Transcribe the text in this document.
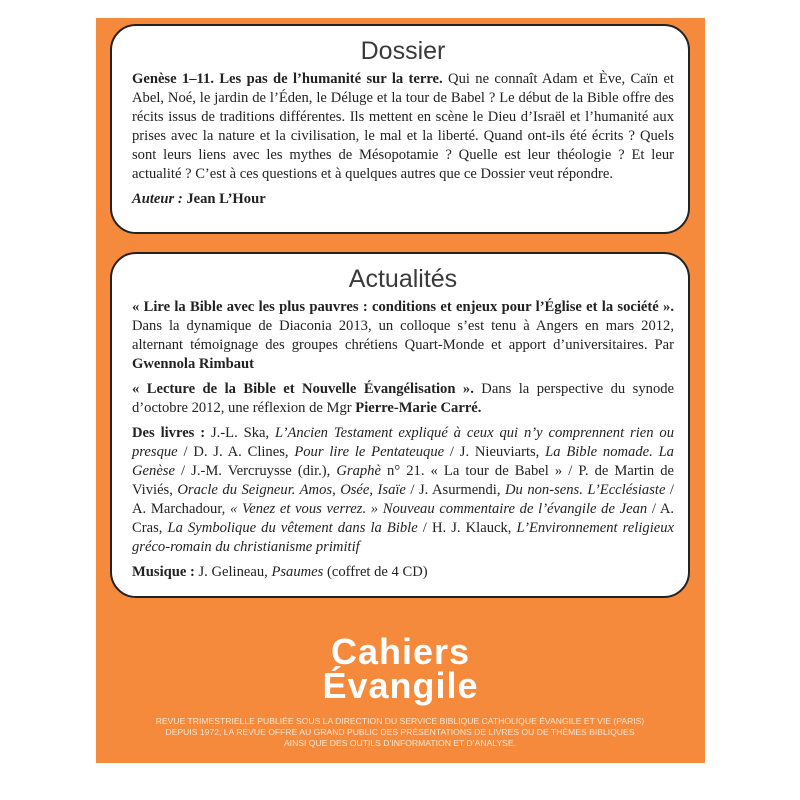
Dossier

Genèse 1–11. Les pas de l’humanité sur la terre. Qui ne connaît Adam et Ève, Caïn et Abel, Noé, le jardin de l’Éden, le Déluge et la tour de Babel ? Le début de la Bible offre des récits issus de traditions différentes. Ils mettent en scène le Dieu d’Israël et l’humanité aux prises avec la nature et la civilisation, le mal et la liberté. Quand ont-ils été écrits ? Quels sont leurs liens avec les mythes de Mésopotamie ? Quelle est leur théologie ? Et leur actualité ? C’est à ces questions et à quelques autres que ce Dossier veut répondre.

Auteur : Jean L’Hour

Actualités

« Lire la Bible avec les plus pauvres : conditions et enjeux pour l’Église et la société ». Dans la dynamique de Diaconia 2013, un colloque s’est tenu à Angers en mars 2012, alternant témoignage des groupes chrétiens Quart-Monde et apport d’universitaires. Par Gwennola Rimbaut

« Lecture de la Bible et Nouvelle Évangélisation ». Dans la perspective du synode d’octobre 2012, une réflexion de Mgr Pierre-Marie Carré.

Des livres : J.-L. Ska, L’Ancien Testament expliqué à ceux qui n’y comprennent rien ou presque / D. J. A. Clines, Pour lire le Pentateuque / J. Nieuviarts, La Bible nomade. La Genèse / J.-M. Vercruysse (dir.), Graphè n° 21. « La tour de Babel » / P. de Martin de Viviés, Oracle du Seigneur. Amos, Osée, Isaïe / J. Asurmendi, Du non-sens. L’Ecclésiaste / A. Marchadour, « Venez et vous verrez. » Nouveau commentaire de l’évangile de Jean / A. Cras, La Symbolique du vêtement dans la Bible / H. J. Klauck, L’Environnement religieux gréco-romain du christianisme primitif

Musique : J. Gelineau, Psaumes (coffret de 4 CD)

Cahiers
Évangile
REVUE TRIMESTRIELLE PUBLIÉE SOUS LA DIRECTION DU SERVICE BIBLIQUE CATHOLIQUE ÉVANGILE ET VIE (PARIS)
DEPUIS 1972, LA REVUE OFFRE AU GRAND PUBLIC DES PRÉSENTATIONS DE LIVRES OU DE THÈMES BIBLIQUES
AINSI QUE DES OUTILS D’INFORMATION ET D’ANALYSE.
